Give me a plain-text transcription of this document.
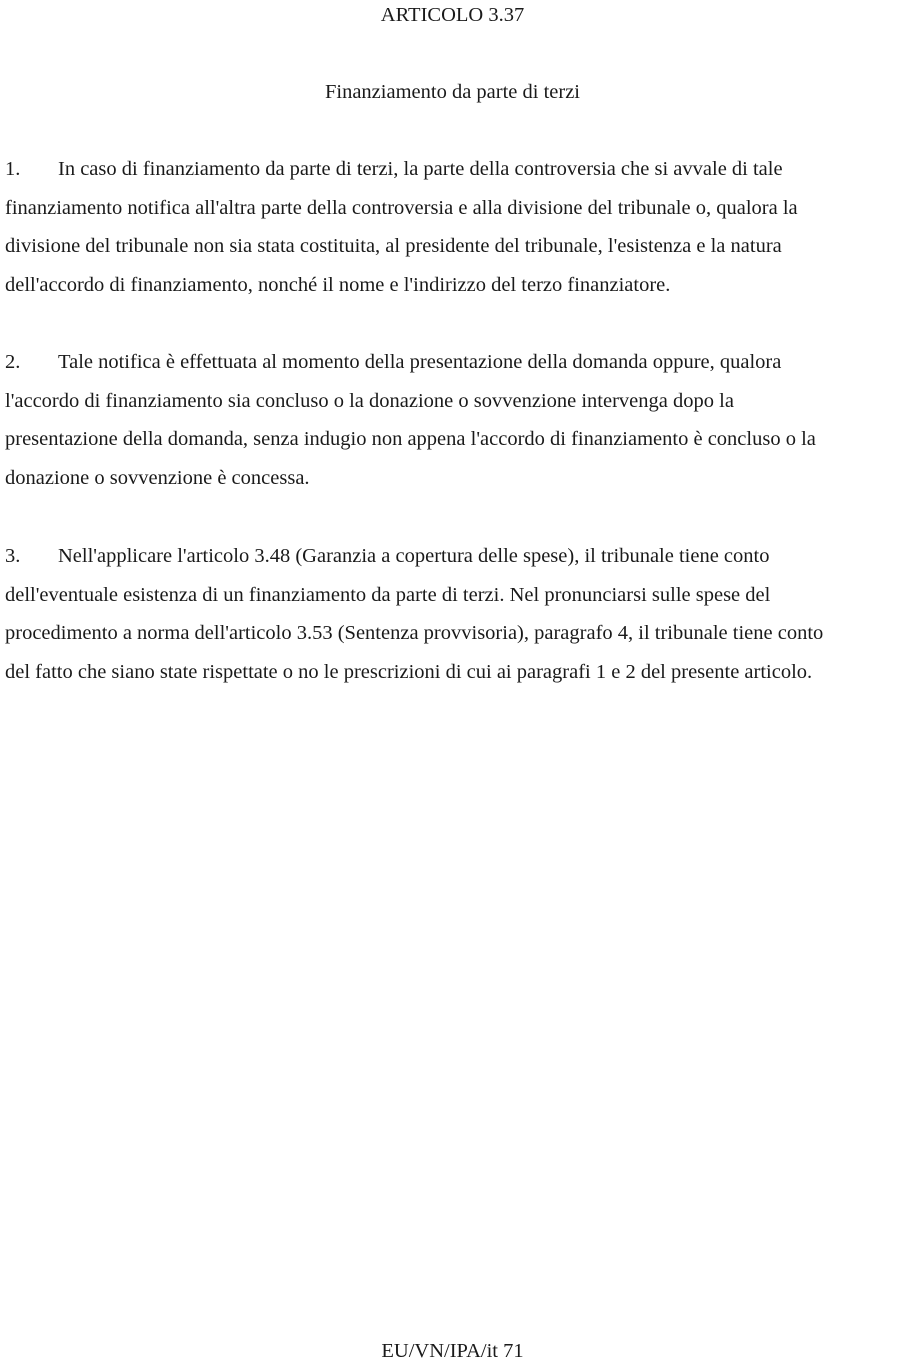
ARTICOLO 3.37
Finanziamento da parte di terzi
1. In caso di finanziamento da parte di terzi, la parte della controversia che si avvale di tale
finanziamento notifica all'altra parte della controversia e alla divisione del tribunale o, qualora la
divisione del tribunale non sia stata costituita, al presidente del tribunale, l'esistenza e la natura
dell'accordo di finanziamento, nonché il nome e l'indirizzo del terzo finanziatore.
2. Tale notifica è effettuata al momento della presentazione della domanda oppure, qualora
l'accordo di finanziamento sia concluso o la donazione o sovvenzione intervenga dopo la
presentazione della domanda, senza indugio non appena l'accordo di finanziamento è concluso o la
donazione o sovvenzione è concessa.
3. Nell'applicare l'articolo 3.48 (Garanzia a copertura delle spese), il tribunale tiene conto
dell'eventuale esistenza di un finanziamento da parte di terzi. Nel pronunciarsi sulle spese del
procedimento a norma dell'articolo 3.53 (Sentenza provvisoria), paragrafo 4, il tribunale tiene conto
del fatto che siano state rispettate o no le prescrizioni di cui ai paragrafi 1 e 2 del presente articolo.
EU/VN/IPA/it 71
